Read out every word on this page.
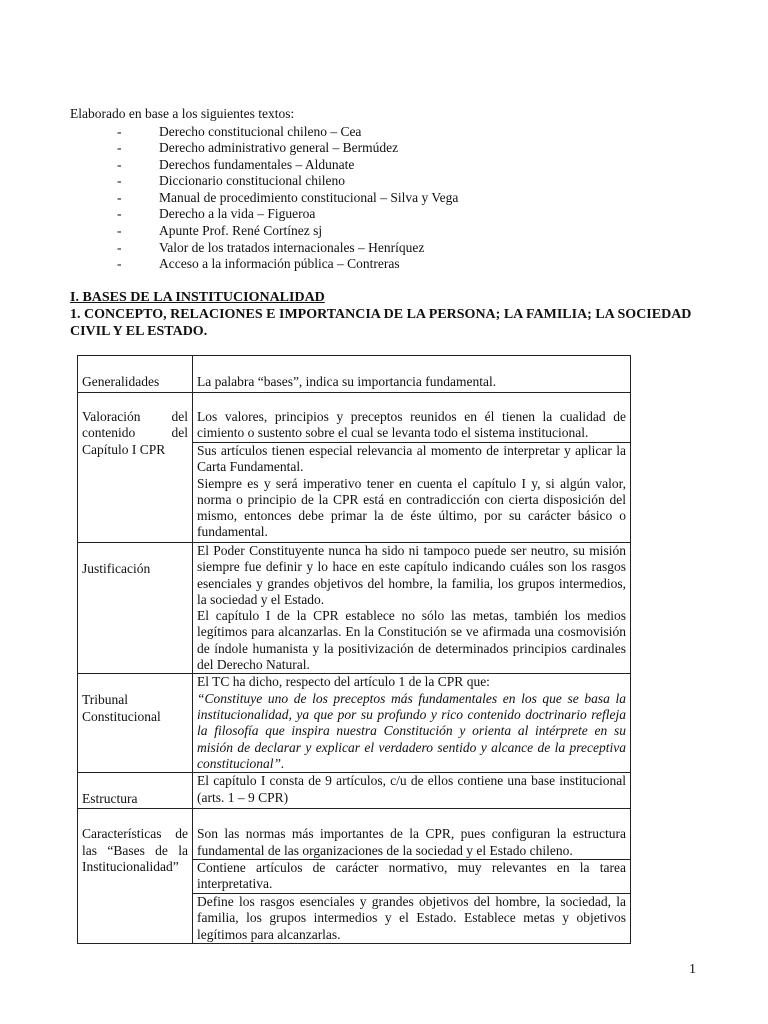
Elaborado en base a los siguientes textos:
-	Derecho constitucional chileno – Cea
-	Derecho administrativo general – Bermúdez
-	Derechos fundamentales – Aldunate
-	Diccionario constitucional chileno
-	Manual de procedimiento constitucional – Silva y Vega
-	Derecho a la vida – Figueroa
-	Apunte Prof. René Cortínez sj
-	Valor de los tratados internacionales – Henríquez
-	Acceso a la información pública – Contreras

I. BASES DE LA INSTITUCIONALIDAD

1. CONCEPTO, RELACIONES E IMPORTANCIA DE LA PERSONA; LA FAMILIA; LA SOCIEDAD CIVIL Y EL ESTADO.

Generalidades	La palabra “bases”, indica su importancia fundamental.
Valoración del contenido del Capítulo I CPR	Los valores, principios y preceptos reunidos en él tienen la cualidad de cimiento o sustento sobre el cual se levanta todo el sistema institucional.

	Sus artículos tienen especial relevancia al momento de interpretar y aplicar la Carta Fundamental.
Siempre es y será imperativo tener en cuenta el capítulo I y, si algún valor, norma o principio de la CPR está en contradicción con cierta disposición del mismo, entonces debe primar la de éste último, por su carácter básico o fundamental.

Justificación	El Poder Constituyente nunca ha sido ni tampoco puede ser neutro, su misión siempre fue definir y lo hace en este capítulo indicando cuáles son los rasgos esenciales y grandes objetivos del hombre, la familia, los grupos intermedios, la sociedad y el Estado.
El capítulo I de la CPR establece no sólo las metas, también los medios legítimos para alcanzarlas. En la Constitución se ve afirmada una cosmovisión de índole humanista y la positivización de determinados principios cardinales del Derecho Natural.

Tribunal Constitucional	El TC ha dicho, respecto del artículo 1 de la CPR que:
“Constituye uno de los preceptos más fundamentales en los que se basa la institucionalidad, ya que por su profundo y rico contenido doctrinario refleja la filosofía que inspira nuestra Constitución y orienta al intérprete en su misión de declarar y explicar el verdadero sentido y alcance de la preceptiva constitucional”.

Estructura	El capítulo I consta de 9 artículos, c/u de ellos contiene una base institucional (arts. 1 – 9 CPR)
Características de las “Bases de la Institucionalidad”	Son las normas más importantes de la CPR, pues configuran la estructura fundamental de las organizaciones de la sociedad y el Estado chileno.
	Contiene artículos de carácter normativo, muy relevantes en la tarea interpretativa.
	Define los rasgos esenciales y grandes objetivos del hombre, la sociedad, la familia, los grupos intermedios y el Estado. Establece metas y objetivos legítimos para alcanzarlas.
1
